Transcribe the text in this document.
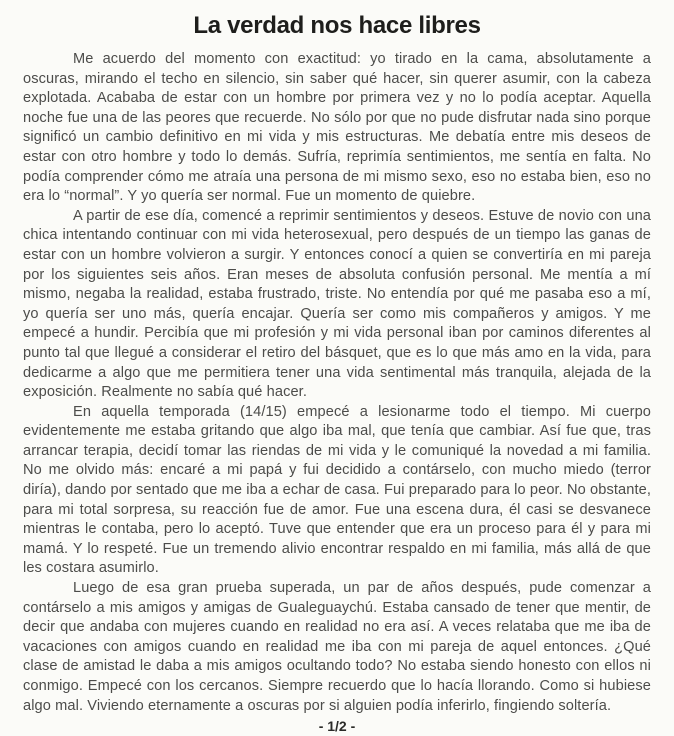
La verdad nos hace libres

Me acuerdo del momento con exactitud: yo tirado en la cama, absolutamente a oscuras, mirando el techo en silencio, sin saber qué hacer, sin querer asumir, con la cabeza explotada. Acababa de estar con un hombre por primera vez y no lo podía aceptar. Aquella noche fue una de las peores que recuerde. No sólo por que no pude disfrutar nada sino porque significó un cambio definitivo en mi vida y mis estructuras. Me debatía entre mis deseos de estar con otro hombre y todo lo demás. Sufría, reprimía sentimientos, me sentía en falta. No podía comprender cómo me atraía una persona de mi mismo sexo, eso no estaba bien, eso no era lo “normal”. Y yo quería ser normal. Fue un momento de quiebre.

A partir de ese día, comencé a reprimir sentimientos y deseos. Estuve de novio con una chica intentando continuar con mi vida heterosexual, pero después de un tiempo las ganas de estar con un hombre volvieron a surgir. Y entonces conocí a quien se convertiría en mi pareja por los siguientes seis años. Eran meses de absoluta confusión personal. Me mentía a mí mismo, negaba la realidad, estaba frustrado, triste. No entendía por qué me pasaba eso a mí, yo quería ser uno más, quería encajar. Quería ser como mis compañeros y amigos. Y me empecé a hundir. Percibía que mi profesión y mi vida personal iban por caminos diferentes al punto tal que llegué a considerar el retiro del básquet, que es lo que más amo en la vida, para dedicarme a algo que me permitiera tener una vida sentimental más tranquila, alejada de la exposición. Realmente no sabía qué hacer.

En aquella temporada (14/15) empecé a lesionarme todo el tiempo. Mi cuerpo evidentemente me estaba gritando que algo iba mal, que tenía que cambiar. Así fue que, tras arrancar terapia, decidí tomar las riendas de mi vida y le comuniqué la novedad a mi familia. No me olvido más: encaré a mi papá y fui decidido a contárselo, con mucho miedo (terror diría), dando por sentado que me iba a echar de casa. Fui preparado para lo peor. No obstante, para mi total sorpresa, su reacción fue de amor. Fue una escena dura, él casi se desvanece mientras le contaba, pero lo aceptó. Tuve que entender que era un proceso para él y para mi mamá. Y lo respeté. Fue un tremendo alivio encontrar respaldo en mi familia, más allá de que les costara asumirlo.

Luego de esa gran prueba superada, un par de años después, pude comenzar a contárselo a mis amigos y amigas de Gualeguaychú. Estaba cansado de tener que mentir, de decir que andaba con mujeres cuando en realidad no era así. A veces relataba que me iba de vacaciones con amigos cuando en realidad me iba con mi pareja de aquel entonces. ¿Qué clase de amistad le daba a mis amigos ocultando todo? No estaba siendo honesto con ellos ni conmigo. Empecé con los cercanos. Siempre recuerdo que lo hacía llorando. Como si hubiese algo mal. Viviendo eternamente a oscuras por si alguien podía inferirlo, fingiendo soltería.

- 1/2 -
